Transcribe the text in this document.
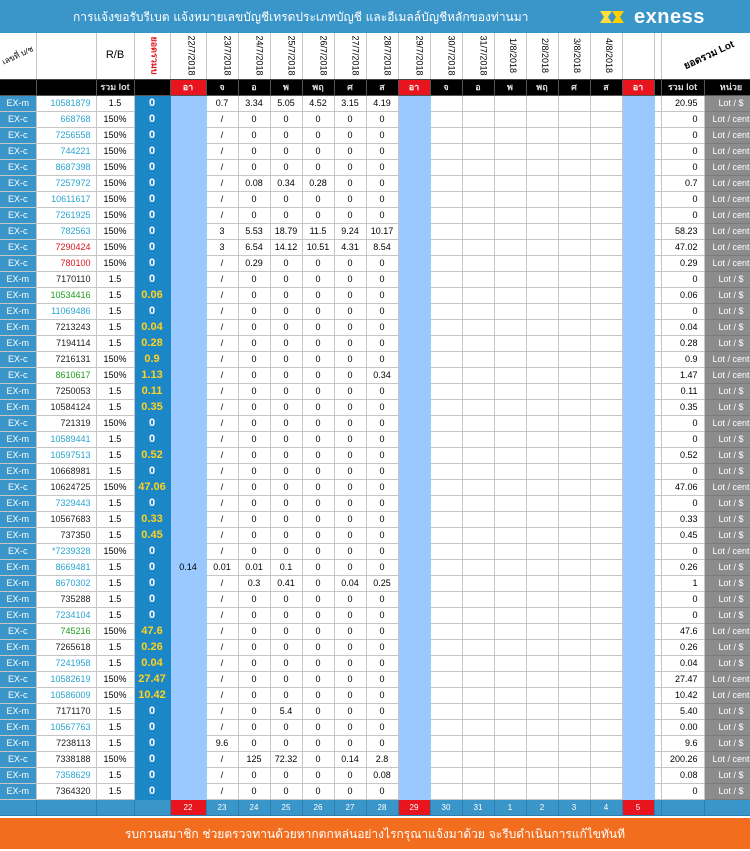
การแจ้งขอรับรีเบต แจ้งหมายเลขบัญชีเทรดประเภทบัญชี และอีเมลล์บัญชีหลักของท่านมา	exness
เลขที่ บ/ช		R/B	ยอดรวมบ	22/7/2018	23/7/2018	24/7/2018	25/7/2018	26/7/2018	27/7/2018	28/7/2018	29/7/2018	30/7/2018	31/7/2018	1/8/2018	2/8/2018	3/8/2018	4/8/2018			ยอดรวม Lot	
		รวม lot		อา	จ	อ	พ	พฤ	ศ	ส	อา	จ	อ	พ	พฤ	ศ	ส	อา		รวม lot	หน่วย
EX-m	10581879	1.5	0		0.7	3.34	5.05	4.52	3.15	4.19										20.95	Lot / $
EX-c	668768	150%	0		/	0	0	0	0	0										0	Lot / cent
EX-c	7256558	150%	0		/	0	0	0	0	0										0	Lot / cent
EX-c	744221	150%	0		/	0	0	0	0	0										0	Lot / cent
EX-c	8687398	150%	0		/	0	0	0	0	0										0	Lot / cent
EX-c	7257972	150%	0		/	0.08	0.34	0.28	0	0										0.7	Lot / cent
EX-c	10611617	150%	0		/	0	0	0	0	0										0	Lot / cent
EX-c	7261925	150%	0		/	0	0	0	0	0										0	Lot / cent
EX-c	782563	150%	0		3	5.53	18.79	11.5	9.24	10.17										58.23	Lot / cent
EX-c	7290424	150%	0		3	6.54	14.12	10.51	4.31	8.54										47.02	Lot / cent
EX-c	780100	150%	0		/	0.29	0	0	0	0										0.29	Lot / cent
EX-m	7170110	1.5	0		/	0	0	0	0	0										0	Lot / $
EX-m	10534416	1.5	0.06		/	0	0	0	0	0										0.06	Lot / $
EX-m	11069486	1.5	0		/	0	0	0	0	0										0	Lot / $
EX-m	7213243	1.5	0.04		/	0	0	0	0	0										0.04	Lot / $
EX-m	7194114	1.5	0.28		/	0	0	0	0	0										0.28	Lot / $
EX-c	7216131	150%	0.9		/	0	0	0	0	0										0.9	Lot / cent
EX-c	8610617	150%	1.13		/	0	0	0	0	0.34										1.47	Lot / cent
EX-m	7250053	1.5	0.11		/	0	0	0	0	0										0.11	Lot / $
EX-m	10584124	1.5	0.35		/	0	0	0	0	0										0.35	Lot / $
EX-c	721319	150%	0		/	0	0	0	0	0										0	Lot / cent
EX-m	10589441	1.5	0		/	0	0	0	0	0										0	Lot / $
EX-m	10597513	1.5	0.52		/	0	0	0	0	0										0.52	Lot / $
EX-m	10668981	1.5	0		/	0	0	0	0	0										0	Lot / $
EX-c	10624725	150%	47.06		/	0	0	0	0	0										47.06	Lot / cent
EX-m	7329443	1.5	0		/	0	0	0	0	0										0	Lot / $
EX-m	10567683	1.5	0.33		/	0	0	0	0	0										0.33	Lot / $
EX-m	737350	1.5	0.45		/	0	0	0	0	0										0.45	Lot / $
EX-c	*7239328	150%	0		/	0	0	0	0	0										0	Lot / cent
EX-m	8669481	1.5	0	0.14	0.01	0.01	0.1	0	0	0										0.26	Lot / $
EX-m	8670302	1.5	0		/	0.3	0.41	0	0.04	0.25										1	Lot / $
EX-m	735288	1.5	0		/	0	0	0	0	0										0	Lot / $
EX-m	7234104	1.5	0		/	0	0	0	0	0										0	Lot / $
EX-c	745216	150%	47.6		/	0	0	0	0	0										47.6	Lot / cent
EX-m	7265618	1.5	0.26		/	0	0	0	0	0										0.26	Lot / $
EX-m	7241958	1.5	0.04		/	0	0	0	0	0										0.04	Lot / $
EX-c	10582619	150%	27.47		/	0	0	0	0	0										27.47	Lot / cent
EX-c	10586009	150%	10.42		/	0	0	0	0	0										10.42	Lot / cent
EX-m	7171170	1.5	0		/	0	5.4	0	0	0										5.40	Lot / $
EX-m	10567763	1.5	0		/	0	0	0	0	0										0.00	Lot / $
EX-m	7238113	1.5	0		9.6	0	0	0	0	0										9.6	Lot / $
EX-c	7338188	150%	0		/	125	72.32	0	0.14	2.8										200.26	Lot / cent
EX-m	7358629	1.5	0		/	0	0	0	0	0.08										0.08	Lot / $
EX-m	7364320	1.5	0		/	0	0	0	0	0										0	Lot / $
				22	23	24	25	26	27	28	29	30	31	1	2	3	4	5			
รบกวนสมาชิก ช่วยตรวจทานด้วยหากตกหล่นอย่างไรกรุณาแจ้งมาด้วย จะรีบดำเนินการแก้ไขทันที
